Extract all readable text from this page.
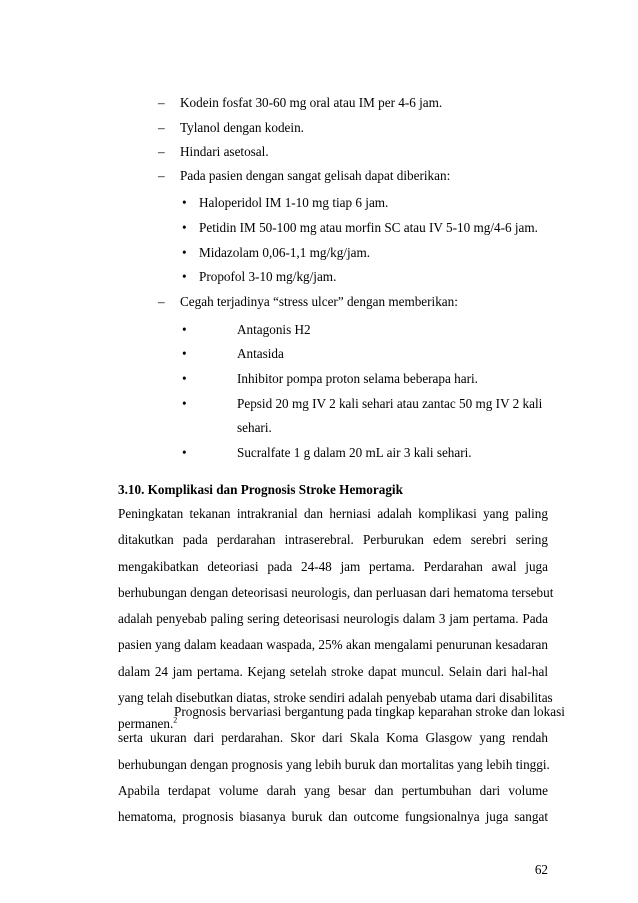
– Kodein fosfat 30-60 mg oral atau IM per 4-6 jam.
– Tylanol dengan kodein.
– Hindari asetosal.
– Pada pasien dengan sangat gelisah dapat diberikan:
• Haloperidol IM 1-10 mg tiap 6 jam.
• Petidin IM 50-100 mg atau morfin SC atau IV 5-10 mg/4-6 jam.
• Midazolam 0,06-1,1 mg/kg/jam.
• Propofol 3-10 mg/kg/jam.
– Cegah terjadinya “stress ulcer” dengan memberikan:
•	Antagonis H2
•	Antasida
•	Inhibitor pompa proton selama beberapa hari.
•	Pepsid 20 mg IV 2 kali sehari atau zantac 50 mg IV 2 kali
sehari.
•	Sucralfate 1 g dalam 20 mL air 3 kali sehari.
3.10. Komplikasi dan Prognosis Stroke Hemoragik
Peningkatan tekanan intrakranial dan herniasi adalah komplikasi yang paling
ditakutkan pada perdarahan intraserebral. Perburukan edem serebri sering
mengakibatkan deteoriasi pada 24-48 jam pertama. Perdarahan awal juga
berhubungan dengan deteorisasi neurologis, dan perluasan dari hematoma tersebut
adalah penyebab paling sering deteorisasi neurologis dalam 3 jam pertama. Pada
pasien yang dalam keadaan waspada, 25% akan mengalami penurunan kesadaran
dalam 24 jam pertama. Kejang setelah stroke dapat muncul. Selain dari hal-hal
yang telah disebutkan diatas, stroke sendiri adalah penyebab utama dari disabilitas
permanen.$^2$
Prognosis bervariasi bergantung pada tingkap keparahan stroke dan lokasi
serta ukuran dari perdarahan. Skor dari Skala Koma Glasgow yang rendah
berhubungan dengan prognosis yang lebih buruk dan mortalitas yang lebih tinggi.
Apabila terdapat volume darah yang besar dan pertumbuhan dari volume
hematoma, prognosis biasanya buruk dan outcome fungsionalnya juga sangat
62
